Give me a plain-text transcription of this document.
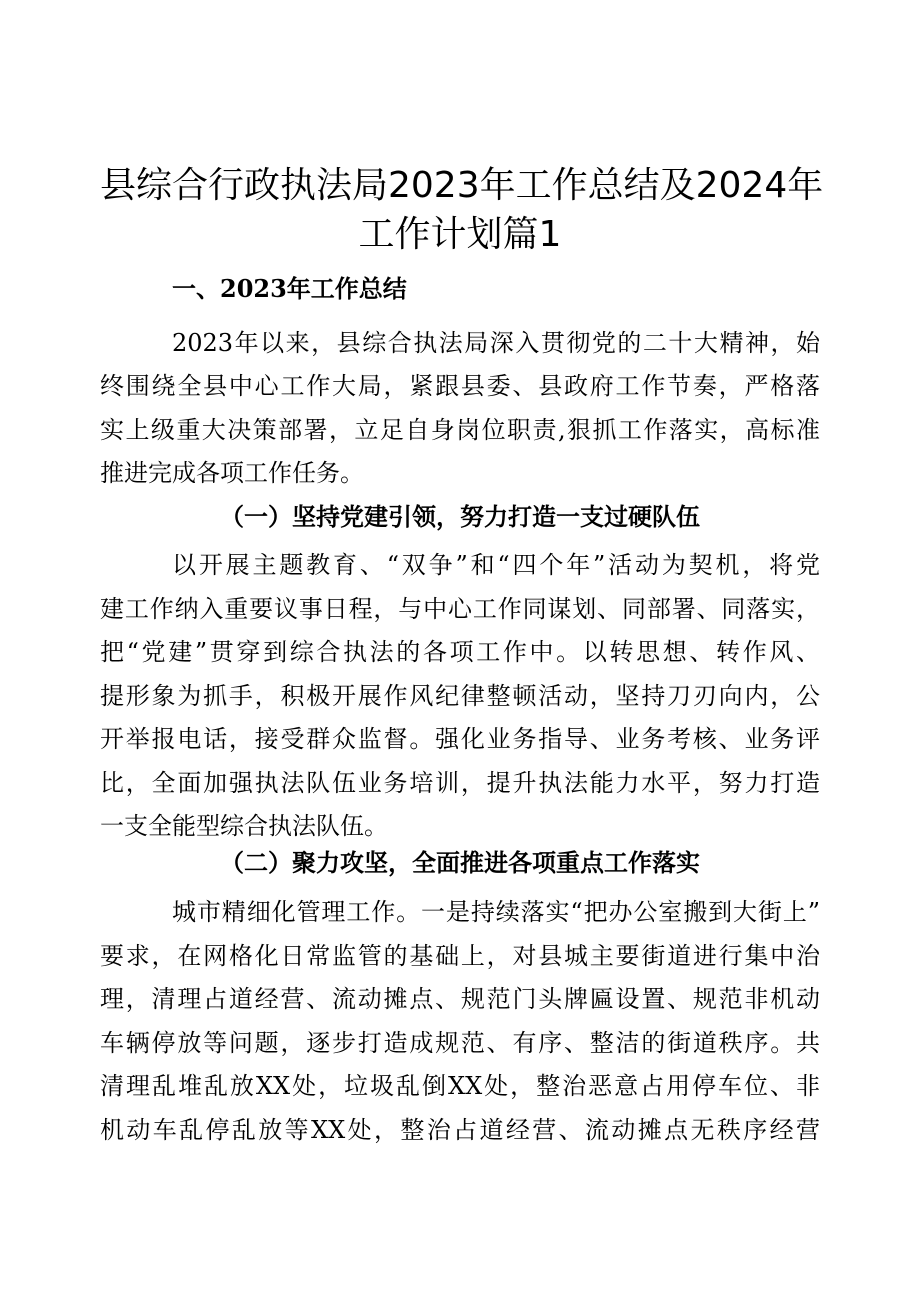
县综合行政执法局2023年工作总结及2024年
工作计划篇1
一、2023年工作总结
2023年以来，县综合执法局深入贯彻党的二十大精神，始
终围绕全县中心工作大局，紧跟县委、县政府工作节奏，严格落
实上级重大决策部署，立足自身岗位职责,狠抓工作落实，高标准
推进完成各项工作任务。
（一）坚持党建引领，努力打造一支过硬队伍
以开展主题教育、“双争”和“四个年”活动为契机，将党
建工作纳入重要议事日程，与中心工作同谋划、同部署、同落实，
把“党建”贯穿到综合执法的各项工作中。以转思想、转作风、
提形象为抓手，积极开展作风纪律整顿活动，坚持刀刃向内，公
开举报电话，接受群众监督。强化业务指导、业务考核、业务评
比，全面加强执法队伍业务培训，提升执法能力水平，努力打造
一支全能型综合执法队伍。
（二）聚力攻坚，全面推进各项重点工作落实
城市精细化管理工作。一是持续落实“把办公室搬到大街上”
要求，在网格化日常监管的基础上，对县城主要街道进行集中治
理，清理占道经营、流动摊点、规范门头牌匾设置、规范非机动
车辆停放等问题，逐步打造成规范、有序、整洁的街道秩序。共
清理乱堆乱放XX处，垃圾乱倒XX处，整治恶意占用停车位、非
机动车乱停乱放等XX处，整治占道经营、流动摊点无秩序经营
